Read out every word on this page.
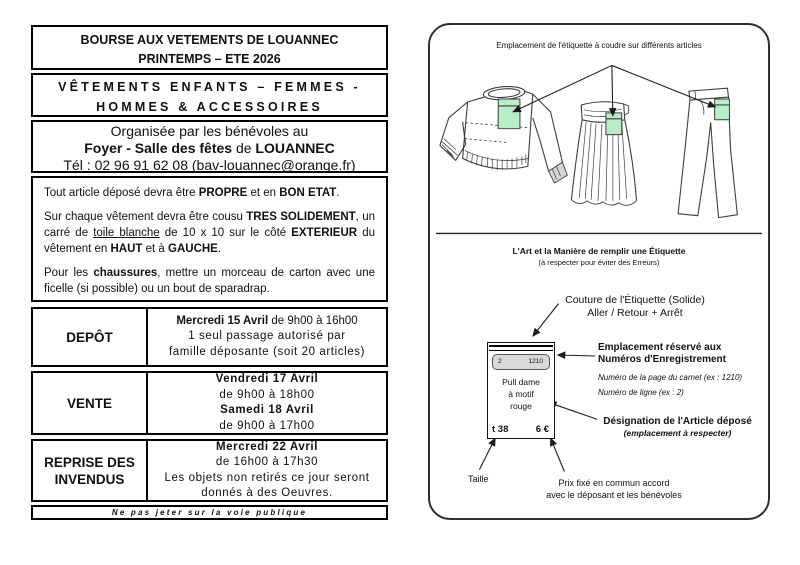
BOURSE AUX VETEMENTS DE LOUANNEC
PRINTEMPS – ETE 2026
VÊTEMENTS ENFANTS – FEMMES -
HOMMES & ACCESSOIRES
Organisée par les bénévoles au
Foyer - Salle des fêtes de LOUANNEC
Tél : 02 96 91 62 08 (bav-louannec@orange.fr)

Tout article déposé devra être PROPRE et en BON ETAT.

Sur chaque vêtement devra être cousu TRES SOLIDEMENT, un carré de toile blanche de 10 x 10 sur le côté EXTERIEUR du vêtement en HAUT et à GAUCHE.

Pour les chaussures, mettre un morceau de carton avec une ficelle (si possible) ou un bout de sparadrap.

DEPÔT
Mercredi 15 Avril de 9h00 à 16h00
1 seul passage autorisé par
famille déposante (soit 20 articles)
VENTE
Vendredi 17 Avril
de 9h00 à 18h00
Samedi 18 Avril
de 9h00 à 17h00
REPRISE DES
INVENDUS
Mercredi 22 Avril
de 16h00 à 17h30
Les objets non retirés ce jour seront
donnés à des Oeuvres.
Ne pas jeter sur la voie publique
Emplacement de l'étiquette à coudre sur différents articles
L'Art et la Manière de remplir une Étiquette
(à respecter pour éviter des Erreurs)
Couture de l'Étiquette (Solide)
Aller / Retour + Arrêt
2	1210
Pull dame
à motif
rouge
t 38	6 €
Emplacement réservé aux
Numéros d'Enregistrement
Numéro de la page du carnet (ex : 1210)
Numéro de ligne (ex : 2)
Désignation de l'Article déposé
(emplacement à respecter)
Taille	Prix fixé en commun accord
avec le déposant et les bénévoles
